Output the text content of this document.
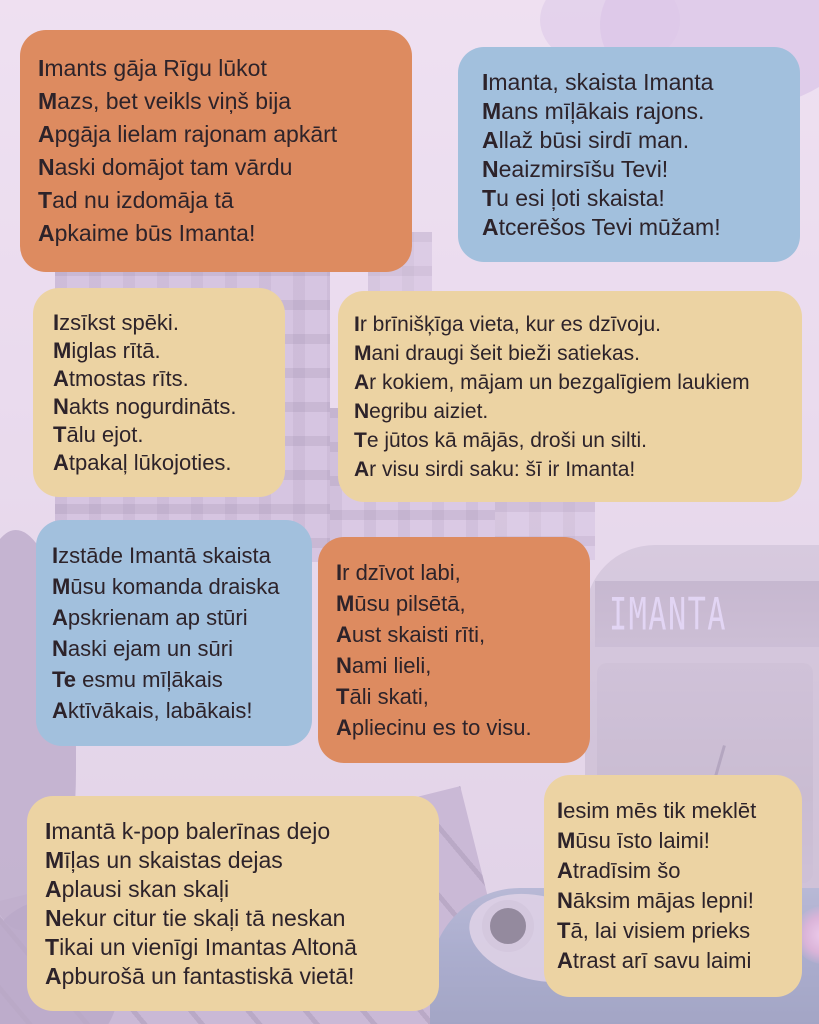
IMANTA
Imants gāja Rīgu lūkot
Mazs, bet veikls viņš bija
Apgāja lielam rajonam apkārt
Naski domājot tam vārdu
Tad nu izdomāja tā
Apkaime būs Imanta!
Imanta, skaista Imanta
Mans mīļākais rajons.
Allaž būsi sirdī man.
Neaizmirsīšu Tevi!
Tu esi ļoti skaista!
Atcerēšos Tevi mūžam!
Izsīkst spēki.
Miglas rītā.
Atmostas rīts.
Nakts nogurdināts.
Tālu ejot.
Atpakaļ lūkojoties.
Ir brīnišķīga vieta, kur es dzīvoju.
Mani draugi šeit bieži satiekas.
Ar kokiem, mājam un bezgalīgiem laukiem
Negribu aiziet.
Te jūtos kā mājās, droši un silti.
Ar visu sirdi saku: šī ir Imanta!
Izstāde Imantā skaista
Mūsu komanda draiska
Apskrienam ap stūri
Naski ejam un sūri
Te esmu mīļākais
Aktīvākais, labākais!
Ir dzīvot labi,
Mūsu pilsētā,
Aust skaisti rīti,
Nami lieli,
Tāli skati,
Apliecinu es to visu.
Imantā k-pop balerīnas dejo
Mīļas un skaistas dejas
Aplausi skan skaļi
Nekur citur tie skaļi tā neskan
Tikai un vienīgi Imantas Altonā
Apburošā un fantastiskā vietā!
Iesim mēs tik meklēt
Mūsu īsto laimi!
Atradīsim šo
Nāksim mājas lepni!
Tā, lai visiem prieks
Atrast arī savu laimi
